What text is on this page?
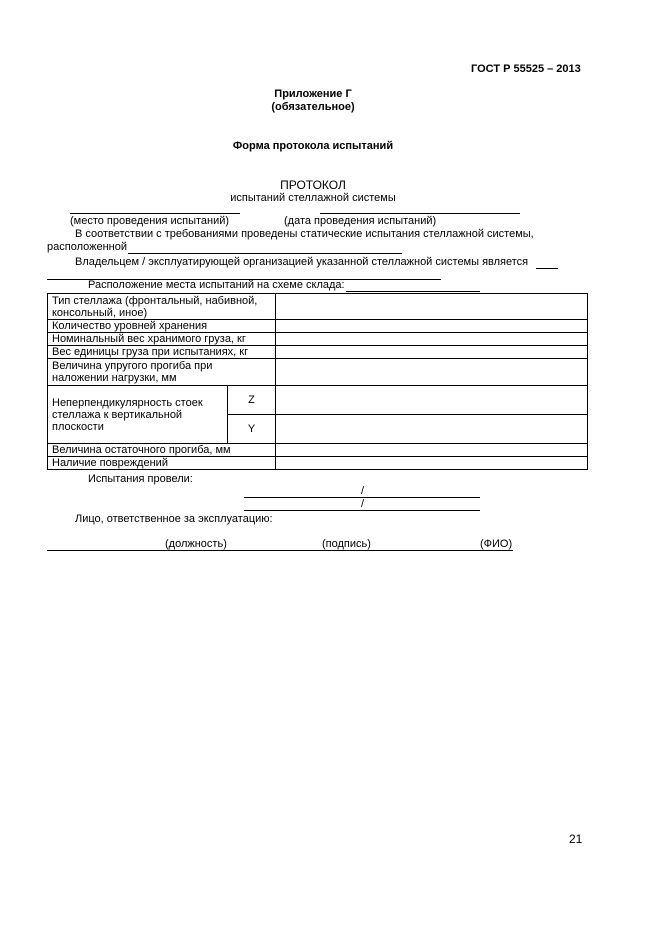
ГОСТ Р 55525 – 2013
Приложение Г
(обязательное)
Форма протокола испытаний
ПРОТОКОЛ
испытаний стеллажной системы
(место проведения испытаний)	(дата проведения испытаний)
В соответствии с требованиями проведены статические испытания стеллажной системы,
расположенной
Владельцем / эксплуатирующей организацией указанной стеллажной системы является
Расположение места испытаний на схеме склада:
Тип стеллажа (фронтальный, набивной, консольный, иное)		
Количество уровней хранения		
Номинальный вес хранимого груза, кг		
Вес единицы груза при испытаниях, кг		
Величина упругого прогиба при наложении нагрузки, мм		
Неперпендикулярность стоек стеллажа к вертикальной плоскости	Z	
	Y	
Величина остаточного прогиба, мм		
Наличие повреждений		
Испытания провели:
/
/
Лицо, ответственное за эксплуатацию:
(должность)	(подпись)	(ФИО)
21
